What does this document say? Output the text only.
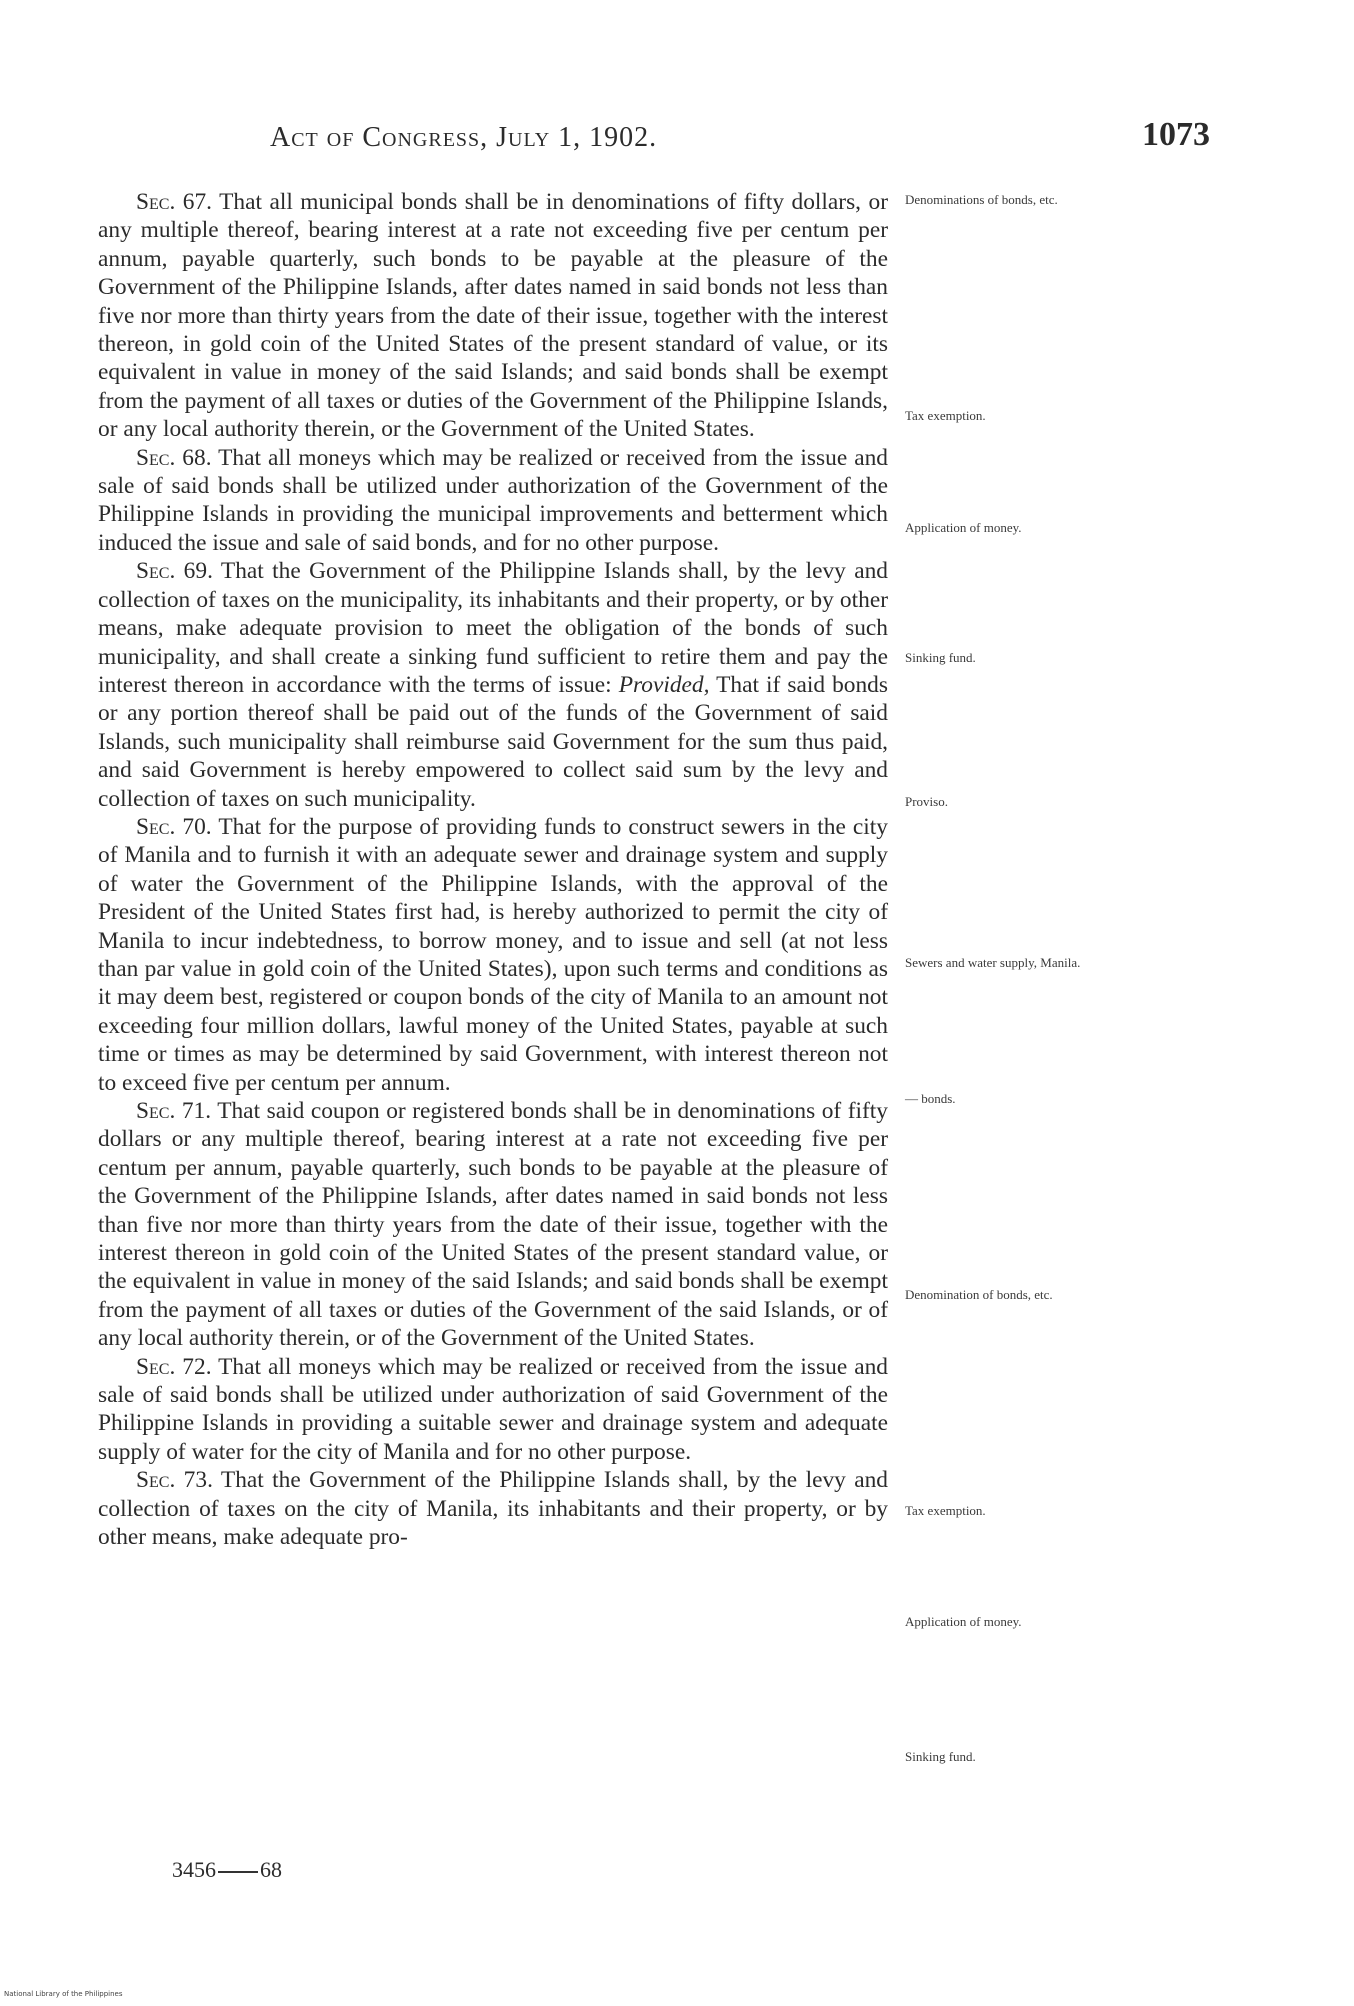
Act of Congress, July 1, 1902.	1073

Sec. 67. That all municipal bonds shall be in denominations of fifty dollars, or any multiple thereof, bearing interest at a rate not exceeding five per centum per annum, payable quarterly, such bonds to be payable at the pleasure of the Government of the Philippine Islands, after dates named in said bonds not less than five nor more than thirty years from the date of their issue, together with the interest thereon, in gold coin of the United States of the present standard of value, or its equivalent in value in money of the said Islands; and said bonds shall be exempt from the payment of all taxes or duties of the Government of the Philippine Islands, or any local authority therein, or the Government of the United States.

Sec. 68. That all moneys which may be realized or received from the issue and sale of said bonds shall be utilized under authorization of the Government of the Philippine Islands in providing the municipal improvements and betterment which induced the issue and sale of said bonds, and for no other purpose.

Sec. 69. That the Government of the Philippine Islands shall, by the levy and collection of taxes on the municipality, its inhabitants and their property, or by other means, make adequate provision to meet the obligation of the bonds of such municipality, and shall create a sinking fund sufficient to retire them and pay the interest thereon in accordance with the terms of issue: Provided, That if said bonds or any portion thereof shall be paid out of the funds of the Government of said Islands, such municipality shall reimburse said Government for the sum thus paid, and said Government is hereby empowered to collect said sum by the levy and collection of taxes on such municipality.

Sec. 70. That for the purpose of providing funds to construct sewers in the city of Manila and to furnish it with an adequate sewer and drainage system and supply of water the Government of the Philippine Islands, with the approval of the President of the United States first had, is hereby authorized to permit the city of Manila to incur indebtedness, to borrow money, and to issue and sell (at not less than par value in gold coin of the United States), upon such terms and conditions as it may deem best, registered or coupon bonds of the city of Manila to an amount not exceeding four million dollars, lawful money of the United States, payable at such time or times as may be determined by said Government, with interest thereon not to exceed five per centum per annum.

Sec. 71. That said coupon or registered bonds shall be in denominations of fifty dollars or any multiple thereof, bearing interest at a rate not exceeding five per centum per annum, payable quarterly, such bonds to be payable at the pleasure of the Government of the Philippine Islands, after dates named in said bonds not less than five nor more than thirty years from the date of their issue, together with the interest thereon in gold coin of the United States of the present standard value, or the equivalent in value in money of the said Islands; and said bonds shall be exempt from the payment of all taxes or duties of the Government of the said Islands, or of any local authority therein, or of the Government of the United States.

Sec. 72. That all moneys which may be realized or received from the issue and sale of said bonds shall be utilized under authorization of said Government of the Philippine Islands in providing a suitable sewer and drainage system and adequate supply of water for the city of Manila and for no other purpose.

Sec. 73. That the Government of the Philippine Islands shall, by the levy and collection of taxes on the city of Manila, its inhabitants and their property, or by other means, make adequate pro-

Denominations of bonds, etc.
Tax exemption.
Application of money.
Sinking fund.
Proviso.
Sewers and water supply, Manila.
— bonds.
Denomination of bonds, etc.
Tax exemption.
Application of money.
Sinking fund.
3456 68
National Library of the Philippines
